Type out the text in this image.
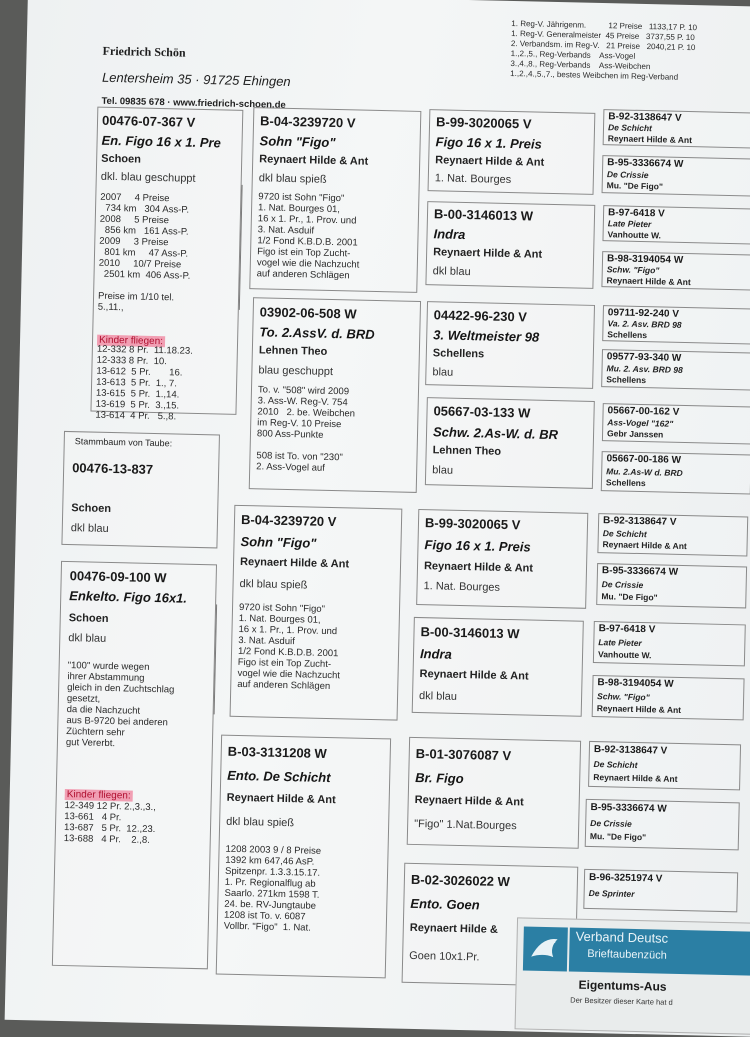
Friedrich Schön
Lentersheim 35 · 91725 Ehingen
Tel. 09835 678 · www.friedrich-schoen.de
1. Reg-V. Jährigenm.          12 Preise   1133,17 P. 10
1. Reg-V. Generalmeister  45 Preise   3737,55 P. 10
2. Verbandsm. im Reg-V.   21 Preise   2040,21 P. 10
1.,2.,5., Reg-Verbands    Ass-Vogel
3.,4.,8., Reg-Verbands    Ass-Weibchen
1.,2.,4.,5.,7., bestes Weibchen im Reg-Verband
00476-07-367 V
En. Figo 16 x 1. Pre
Schoen
dkl. blau geschuppt
2007     4 Preise
734 km   304 Ass-P.
2008     5 Preise
856 km   161 Ass-P.
2009     3 Preise
801 km     47 Ass-P.
2010     10/7 Preise
2501 km  406 Ass-P.

Preise im 1/10 tel.
5.,11.,
Kinder fliegen:
12-332 8 Pr.  11.18.23.
12-333 8 Pr.  10.
13-612  5 Pr.       16.
13-613  5 Pr.  1., 7.
13-615  5 Pr.  1.,14.
13-619  5 Pr.  3.,15.
13-614  4 Pr.   5.,8.
Stammbaum von Taube:
00476-13-837
Schoen
dkl blau
00476-09-100 W
Enkelto. Figo 16x1.
Schoen
dkl blau
"100" wurde wegen
ihrer Abstammung
gleich in den Zuchtschlag
gesetzt,
da die Nachzucht
aus B-9720 bei anderen
Züchtern sehr
gut Vererbt.
Kinder fliegen:
12-349 12 Pr. 2.,3.,3.,
13-661   4 Pr.
13-687   5 Pr.  12.,23.
13-688   4 Pr.    2.,8.
B-04-3239720 V
Sohn "Figo"
Reynaert Hilde & Ant
dkl blau spieß
9720 ist Sohn "Figo"
1. Nat. Bourges 01,
16 x 1. Pr., 1. Prov. und
3. Nat. Asduif
1/2 Fond K.B.D.B. 2001
Figo ist ein Top Zucht-
vogel wie die Nachzucht
auf anderen Schlägen
03902-06-508 W
To. 2.AssV. d. BRD
Lehnen Theo
blau geschuppt
To. v. "508" wird 2009
3. Ass-W. Reg-V. 754
2010   2. be. Weibchen
im Reg-V. 10 Preise
800 Ass-Punkte

508 ist To. von "230"
2. Ass-Vogel auf
B-04-3239720 V
Sohn "Figo"
Reynaert Hilde & Ant
dkl blau spieß
9720 ist Sohn "Figo"
1. Nat. Bourges 01,
16 x 1. Pr., 1. Prov. und
3. Nat. Asduif
1/2 Fond K.B.D.B. 2001
Figo ist ein Top Zucht-
vogel wie die Nachzucht
auf anderen Schlägen
B-03-3131208 W
Ento. De Schicht
Reynaert Hilde & Ant
dkl blau spieß
1208 2003 9 / 8 Preise
1392 km 647,46 AsP.
Spitzenpr. 1.3.3.15.17.
1. Pr. Regionalflug ab
Saarlo. 271km 1598 T.
24. be. RV-Jungtaube
1208 ist To. v. 6087
Vollbr. "Figo"  1. Nat.
B-99-3020065 V
Figo 16 x 1. Preis
Reynaert Hilde & Ant
1. Nat. Bourges
B-00-3146013 W
Indra
Reynaert Hilde & Ant
dkl blau
04422-96-230 V
3. Weltmeister 98
Schellens
blau
05667-03-133 W
Schw. 2.As-W. d. BR
Lehnen Theo
blau
B-99-3020065 V
Figo 16 x 1. Preis
Reynaert Hilde & Ant
1. Nat. Bourges
B-00-3146013 W
Indra
Reynaert Hilde & Ant
dkl blau
B-01-3076087 V
Br. Figo
Reynaert Hilde & Ant
"Figo" 1.Nat.Bourges
B-02-3026022 W
Ento. Goen
Reynaert Hilde &
Goen 10x1.Pr.
B-92-3138647 V
De Schicht
Reynaert Hilde & Ant
B-95-3336674 W
De Crissie
Mu. "De Figo"
B-97-6418 V
Late Pieter
Vanhoutte W.
B-98-3194054 W
Schw. "Figo"
Reynaert Hilde & Ant
09711-92-240 V
Va. 2. Asv. BRD 98
Schellens
09577-93-340 W
Mu. 2. Asv. BRD 98
Schellens
05667-00-162 V
Ass-Vogel "162"
Gebr Janssen
05667-00-186 W
Mu. 2.As-W d. BRD
Schellens
B-92-3138647 V
De Schicht
Reynaert Hilde & Ant
B-95-3336674 W
De Crissie
Mu. "De Figo"
B-97-6418 V
Late Pieter
Vanhoutte W.
B-98-3194054 W
Schw. "Figo"
Reynaert Hilde & Ant
B-92-3138647 V
De Schicht
Reynaert Hilde & Ant
B-95-3336674 W
De Crissie
Mu. "De Figo"
B-96-3251974 V
De Sprinter
Verband Deutsc
Brieftaubenzüch
Eigentums-Aus
Der Besitzer dieser Karte hat d
